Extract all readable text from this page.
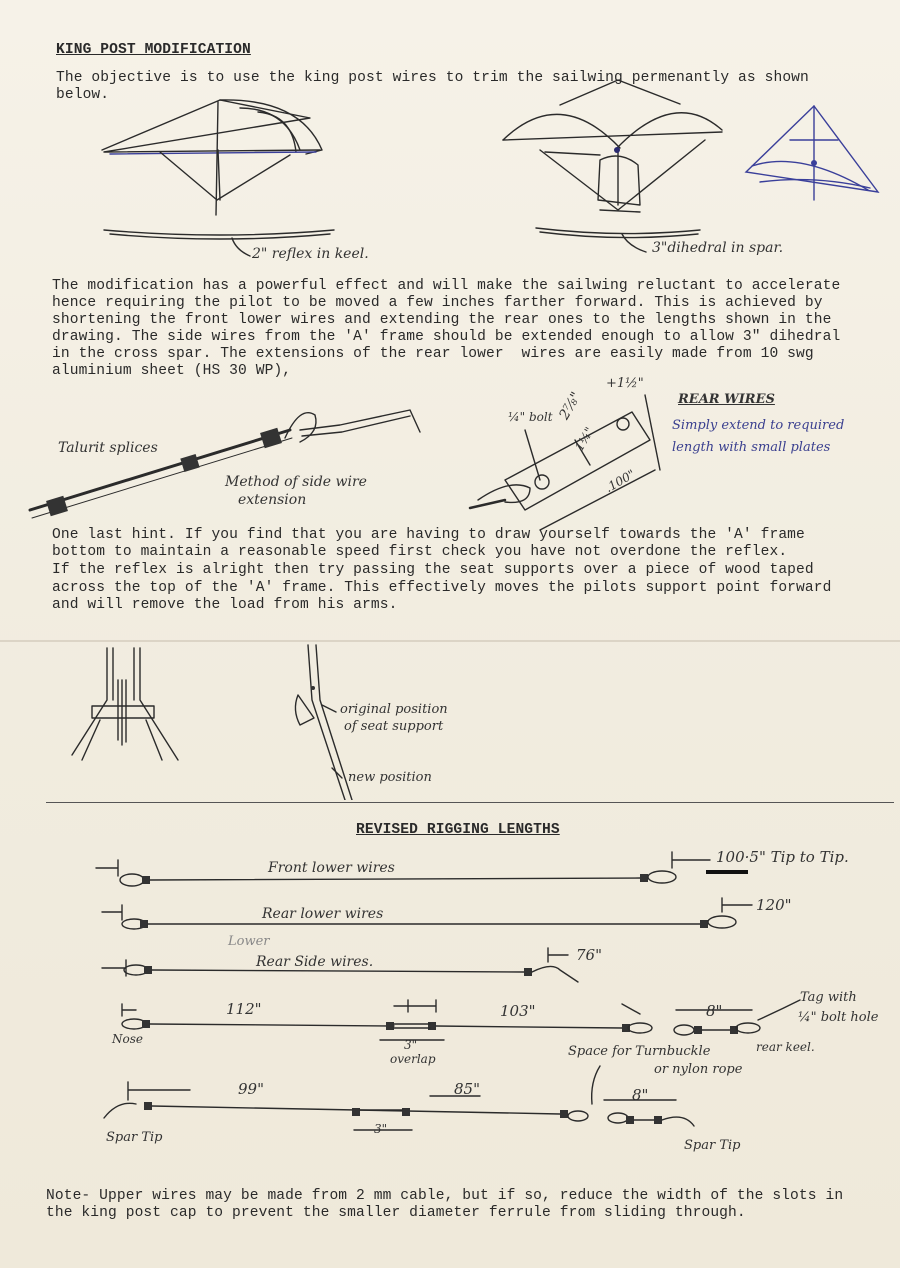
KING POST MODIFICATION
The objective is to use the king post wires to trim the sailwing permenantly as shown
below.
2" reflex in keel.	3"dihedral in spar.
The modification has a powerful effect and will make the sailwing reluctant to accelerate
hence requiring the pilot to be moved a few inches farther forward. This is achieved by
shortening the front lower wires and extending the rear ones to the lengths shown in the
drawing. The side wires from the 'A' frame should be extended enough to allow 3" dihedral
in the cross spar. The extensions of the rear lower  wires are easily made from 10 swg
aluminium sheet (HS 30 WP),
Talurit splices
Method of side wire
extension
¼" bolt 2⅞"
+1½"
1¼"
.100"
REAR WIRES
Simply extend to required
length with small plates
One last hint. If you find that you are having to draw yourself towards the 'A' frame
bottom to maintain a reasonable speed first check you have not overdone the reflex.
If the reflex is alright then try passing the seat supports over a piece of wood taped
across the top of the 'A' frame. This effectively moves the pilots support point forward
and will remove the load from his arms.
original position
of seat support
new position
REVISED RIGGING LENGTHS
Front lower wires
100·5" Tip to Tip.
Rear lower wires	120"
Lower
Rear Side wires.	76"
112"	103"	8"
3"
overlap
Nose
Tag with
¼" bolt hole
rear keel.
Space for Turnbuckle
or nylon rope
99"	85"	8"
3"
Spar Tip
Spar Tip
Note- Upper wires may be made from 2 mm cable, but if so, reduce the width of the slots in
the king post cap to prevent the smaller diameter ferrule from sliding through.
